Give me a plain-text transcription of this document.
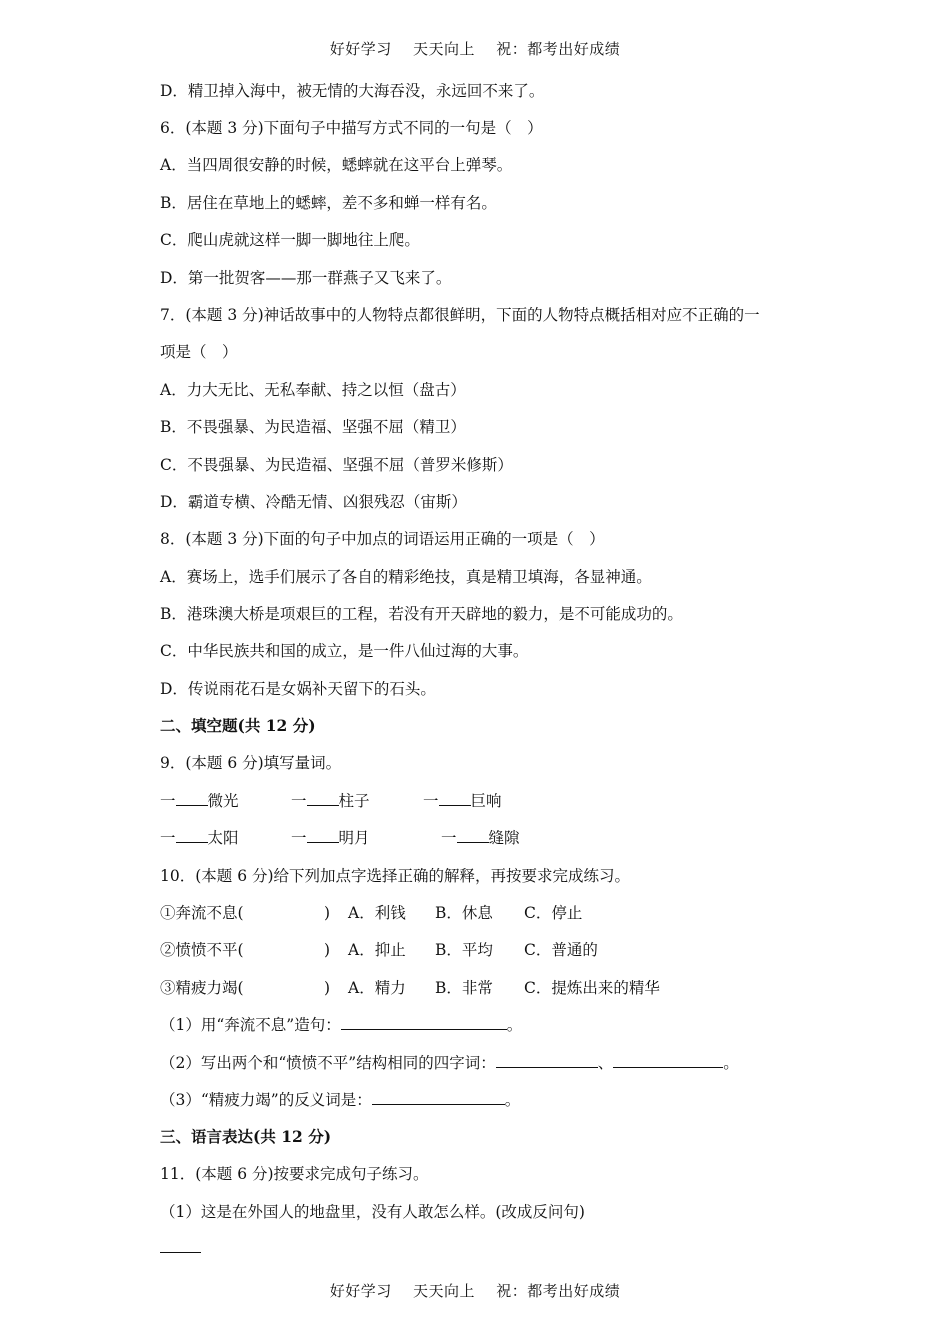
好好学习 天天向上 祝：都考出好成绩
D．精卫掉入海中，被无情的大海吞没，永远回不来了。
6．(本题 3 分)下面句子中描写方式不同的一句是（　）
A．当四周很安静的时候，蟋蟀就在这平台上弹琴。
B．居住在草地上的蟋蟀，差不多和蝉一样有名。
C．爬山虎就这样一脚一脚地往上爬。
D．第一批贺客——那一群燕子又飞来了。
7．(本题 3 分)神话故事中的人物特点都很鲜明，下面的人物特点概括相对应不正确的一
项是（　）
A．力大无比、无私奉献、持之以恒（盘古）
B．不畏强暴、为民造福、坚强不屈（精卫）
C．不畏强暴、为民造福、坚强不屈（普罗米修斯）
D．霸道专横、冷酷无情、凶狠残忍（宙斯）
8．(本题 3 分)下面的句子中加点的词语运用正确的一项是（　）
A．赛场上，选手们展示了各自的精彩绝技，真是精卫填海，各显神通。
B．港珠澳大桥是项艰巨的工程，若没有开天辟地的毅力，是不可能成功的。
C．中华民族共和国的成立，是一件八仙过海的大事。
D．传说雨花石是女娲补天留下的石头。
二、填空题(共 12 分)
9．(本题 6 分)填写量词。
一 微光	一 柱子	一 巨响
一 太阳	一 明月	一 缝隙
10．(本题 6 分)给下列加点字选择正确的解释，再按要求完成练习。
①奔流不息(	) A．利钱 B．休息 C．停止
②愤愤不平(	) A．抑止 B．平均 C．普通的
③精疲力竭(	) A．精力 B．非常 C．提炼出来的精华
（1）用“奔流不息”造句：	。
（2）写出两个和“愤愤不平”结构相同的四字词：	、	。
（3）“精疲力竭”的反义词是：	。
三、语言表达(共 12 分)
11．(本题 6 分)按要求完成句子练习。
（1）这是在外国人的地盘里，没有人敢怎么样。(改成反问句)
好好学习 天天向上 祝：都考出好成绩
